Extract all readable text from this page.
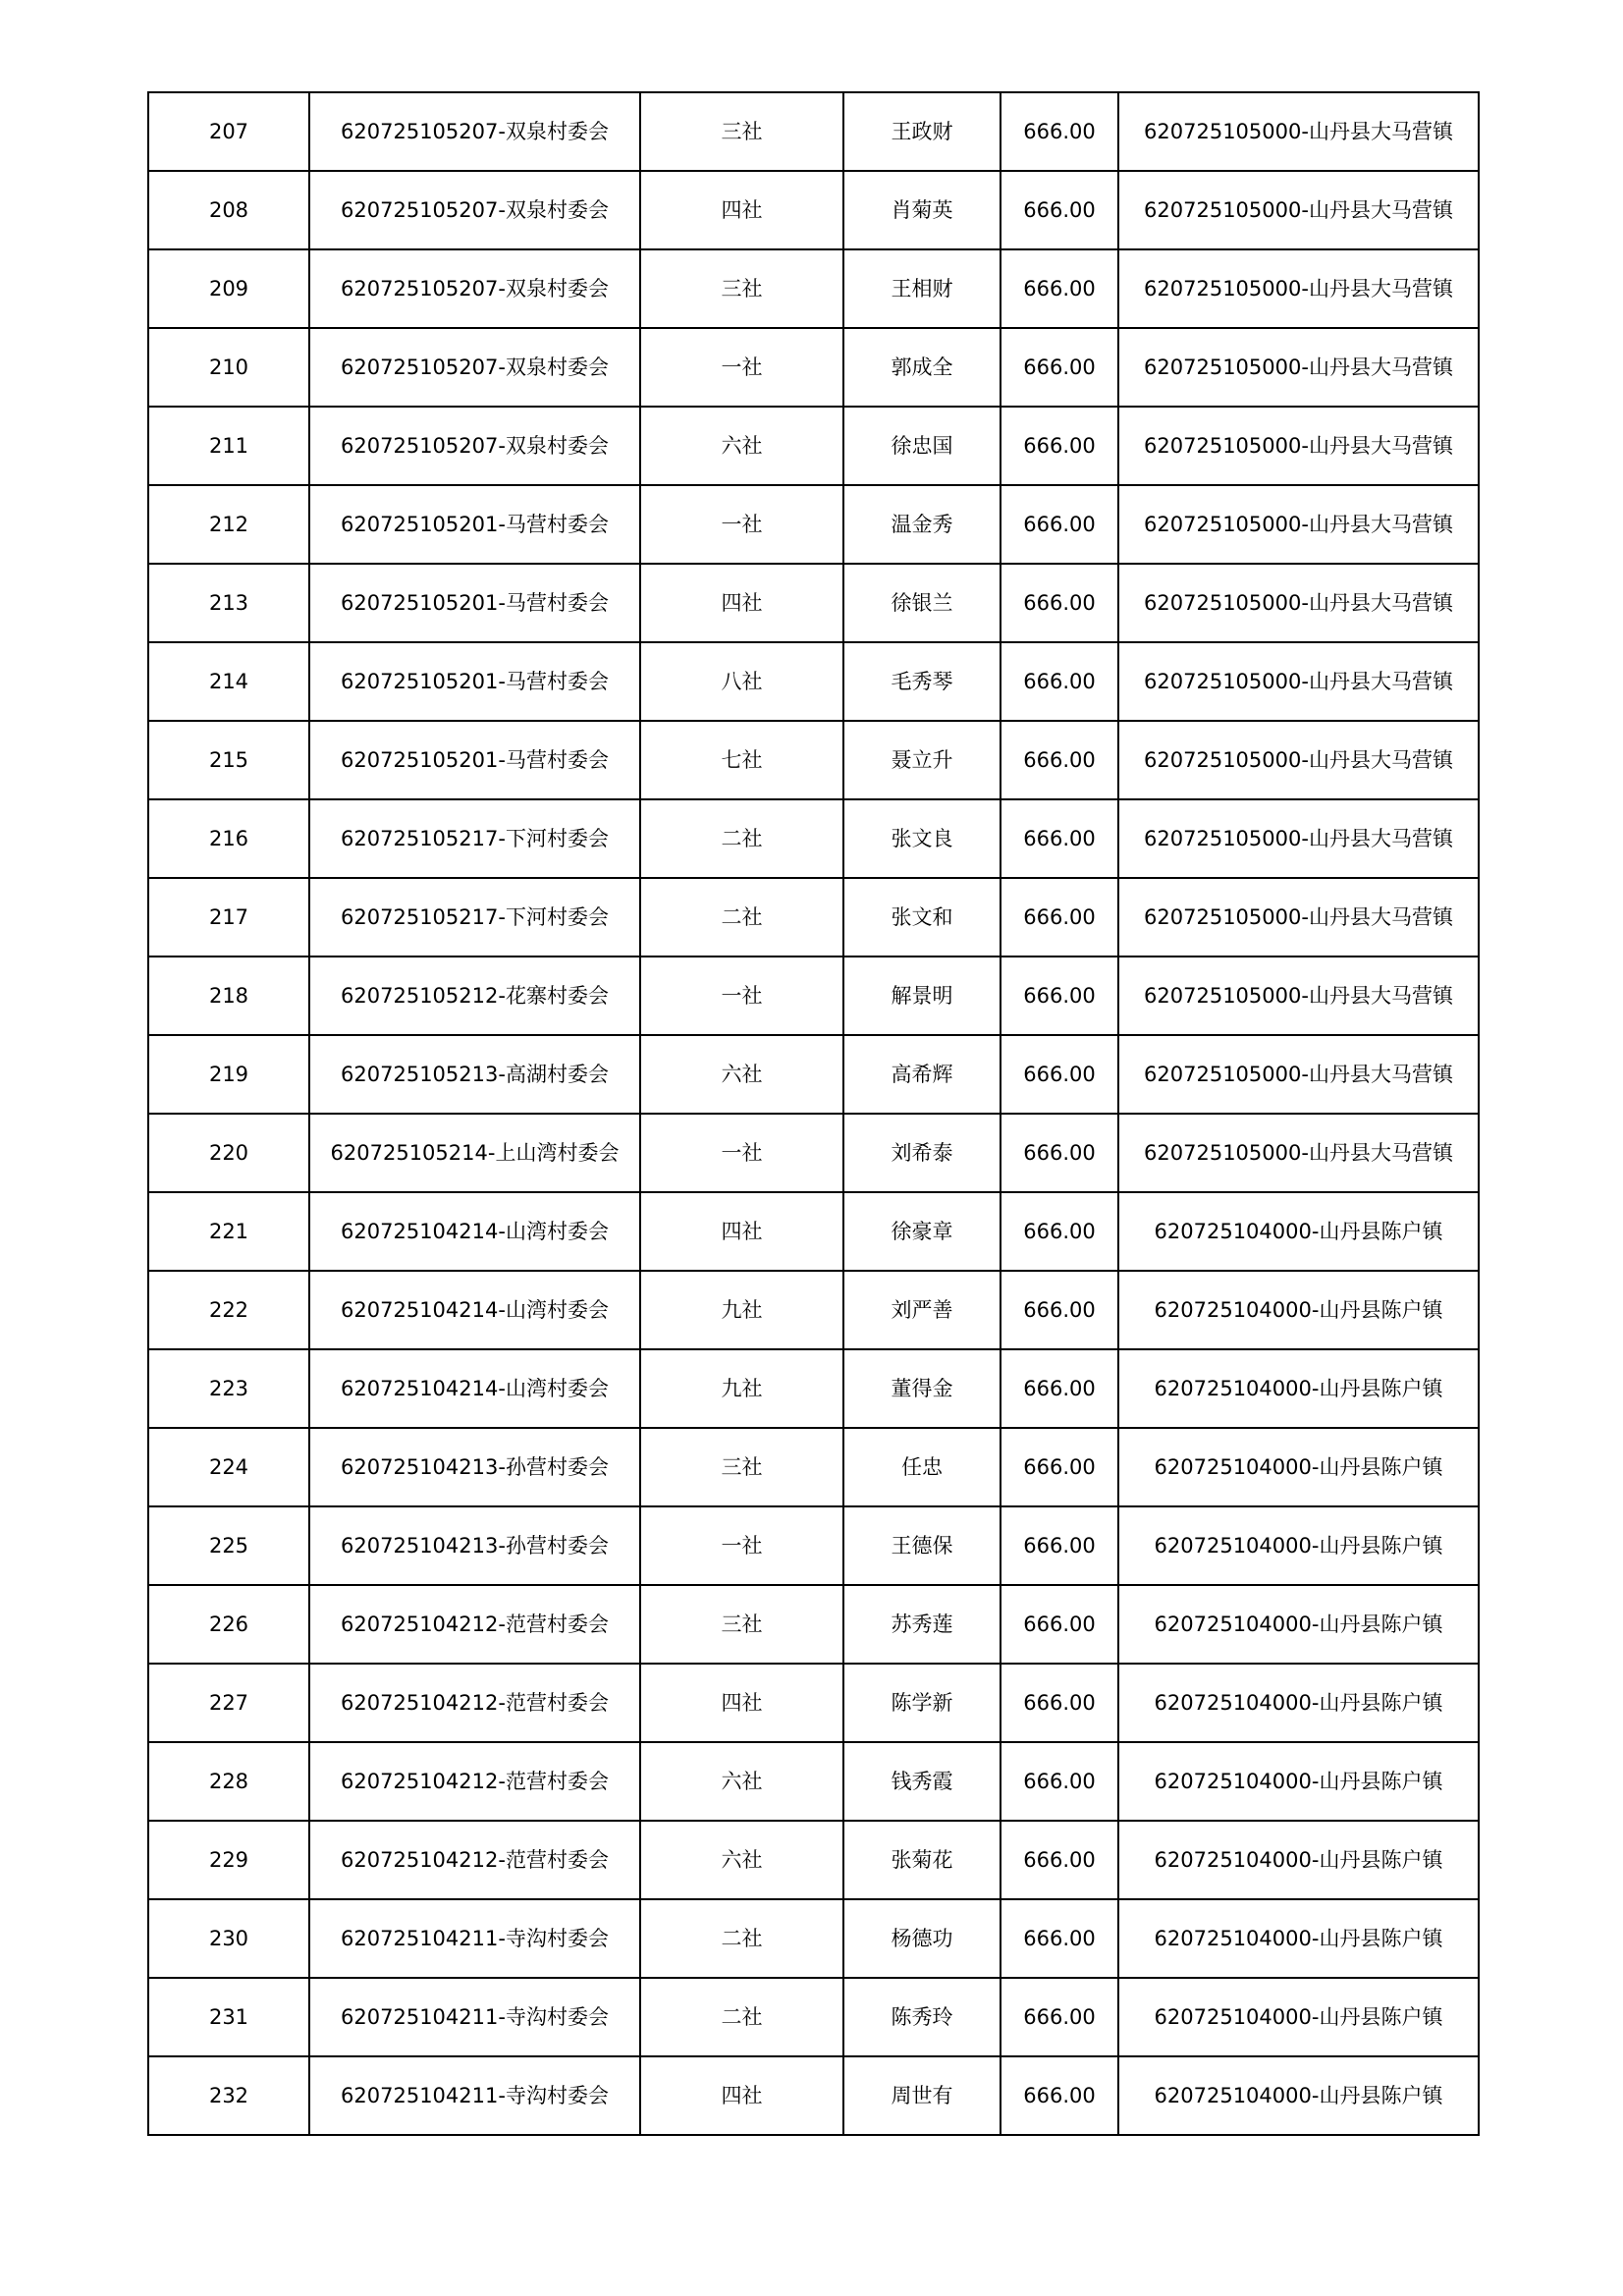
207	620725105207-双泉村委会	三社	王政财	666.00	620725105000-山丹县大马营镇
208	620725105207-双泉村委会	四社	肖菊英	666.00	620725105000-山丹县大马营镇
209	620725105207-双泉村委会	三社	王相财	666.00	620725105000-山丹县大马营镇
210	620725105207-双泉村委会	一社	郭成全	666.00	620725105000-山丹县大马营镇
211	620725105207-双泉村委会	六社	徐忠国	666.00	620725105000-山丹县大马营镇
212	620725105201-马营村委会	一社	温金秀	666.00	620725105000-山丹县大马营镇
213	620725105201-马营村委会	四社	徐银兰	666.00	620725105000-山丹县大马营镇
214	620725105201-马营村委会	八社	毛秀琴	666.00	620725105000-山丹县大马营镇
215	620725105201-马营村委会	七社	聂立升	666.00	620725105000-山丹县大马营镇
216	620725105217-下河村委会	二社	张文良	666.00	620725105000-山丹县大马营镇
217	620725105217-下河村委会	二社	张文和	666.00	620725105000-山丹县大马营镇
218	620725105212-花寨村委会	一社	解景明	666.00	620725105000-山丹县大马营镇
219	620725105213-高湖村委会	六社	高希辉	666.00	620725105000-山丹县大马营镇
220	620725105214-上山湾村委会	一社	刘希泰	666.00	620725105000-山丹县大马营镇
221	620725104214-山湾村委会	四社	徐豪章	666.00	620725104000-山丹县陈户镇
222	620725104214-山湾村委会	九社	刘严善	666.00	620725104000-山丹县陈户镇
223	620725104214-山湾村委会	九社	董得金	666.00	620725104000-山丹县陈户镇
224	620725104213-孙营村委会	三社	任忠	666.00	620725104000-山丹县陈户镇
225	620725104213-孙营村委会	一社	王德保	666.00	620725104000-山丹县陈户镇
226	620725104212-范营村委会	三社	苏秀莲	666.00	620725104000-山丹县陈户镇
227	620725104212-范营村委会	四社	陈学新	666.00	620725104000-山丹县陈户镇
228	620725104212-范营村委会	六社	钱秀霞	666.00	620725104000-山丹县陈户镇
229	620725104212-范营村委会	六社	张菊花	666.00	620725104000-山丹县陈户镇
230	620725104211-寺沟村委会	二社	杨德功	666.00	620725104000-山丹县陈户镇
231	620725104211-寺沟村委会	二社	陈秀玲	666.00	620725104000-山丹县陈户镇
232	620725104211-寺沟村委会	四社	周世有	666.00	620725104000-山丹县陈户镇
